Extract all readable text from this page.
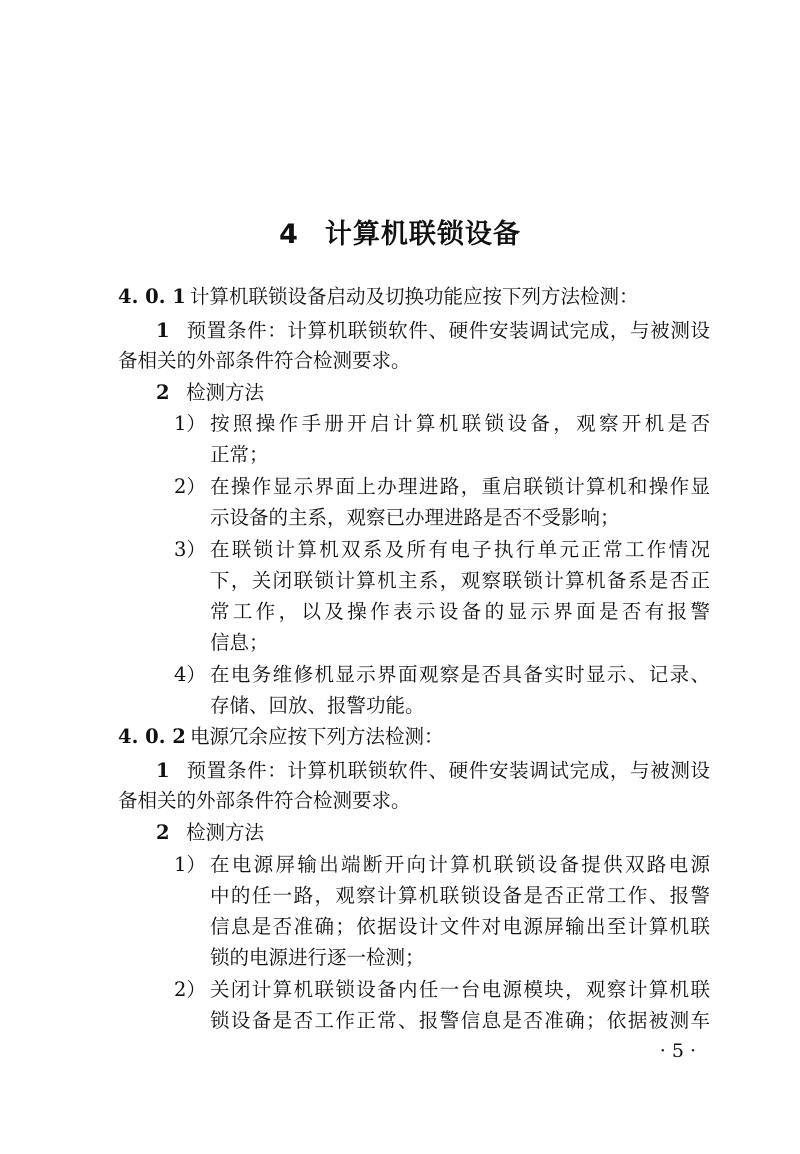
4 计算机联锁设备
4. 0. 1 计算机联锁设备启动及切换功能应按下列方法检测：
1 预置条件：计算机联锁软件、硬件安装调试完成，与被测设
备相关的外部条件符合检测要求。
2 检测方法
1） 按照操作手册开启计算机联锁设备，观察开机是否
正常；
2） 在操作显示界面上办理进路，重启联锁计算机和操作显
示设备的主系，观察已办理进路是否不受影响；
3） 在联锁计算机双系及所有电子执行单元正常工作情况
下，关闭联锁计算机主系，观察联锁计算机备系是否正
常工作，以及操作表示设备的显示界面是否有报警
信息；
4） 在电务维修机显示界面观察是否具备实时显示、记录、
存储、回放、报警功能。
4. 0. 2 电源冗余应按下列方法检测：
1 预置条件：计算机联锁软件、硬件安装调试完成，与被测设
备相关的外部条件符合检测要求。
2 检测方法
1） 在电源屏输出端断开向计算机联锁设备提供双路电源
中的任一路，观察计算机联锁设备是否正常工作、报警
信息是否准确；依据设计文件对电源屏输出至计算机联
锁的电源进行逐一检测；
2） 关闭计算机联锁设备内任一台电源模块，观察计算机联
锁设备是否工作正常、报警信息是否准确；依据被测车
· 5 ·
